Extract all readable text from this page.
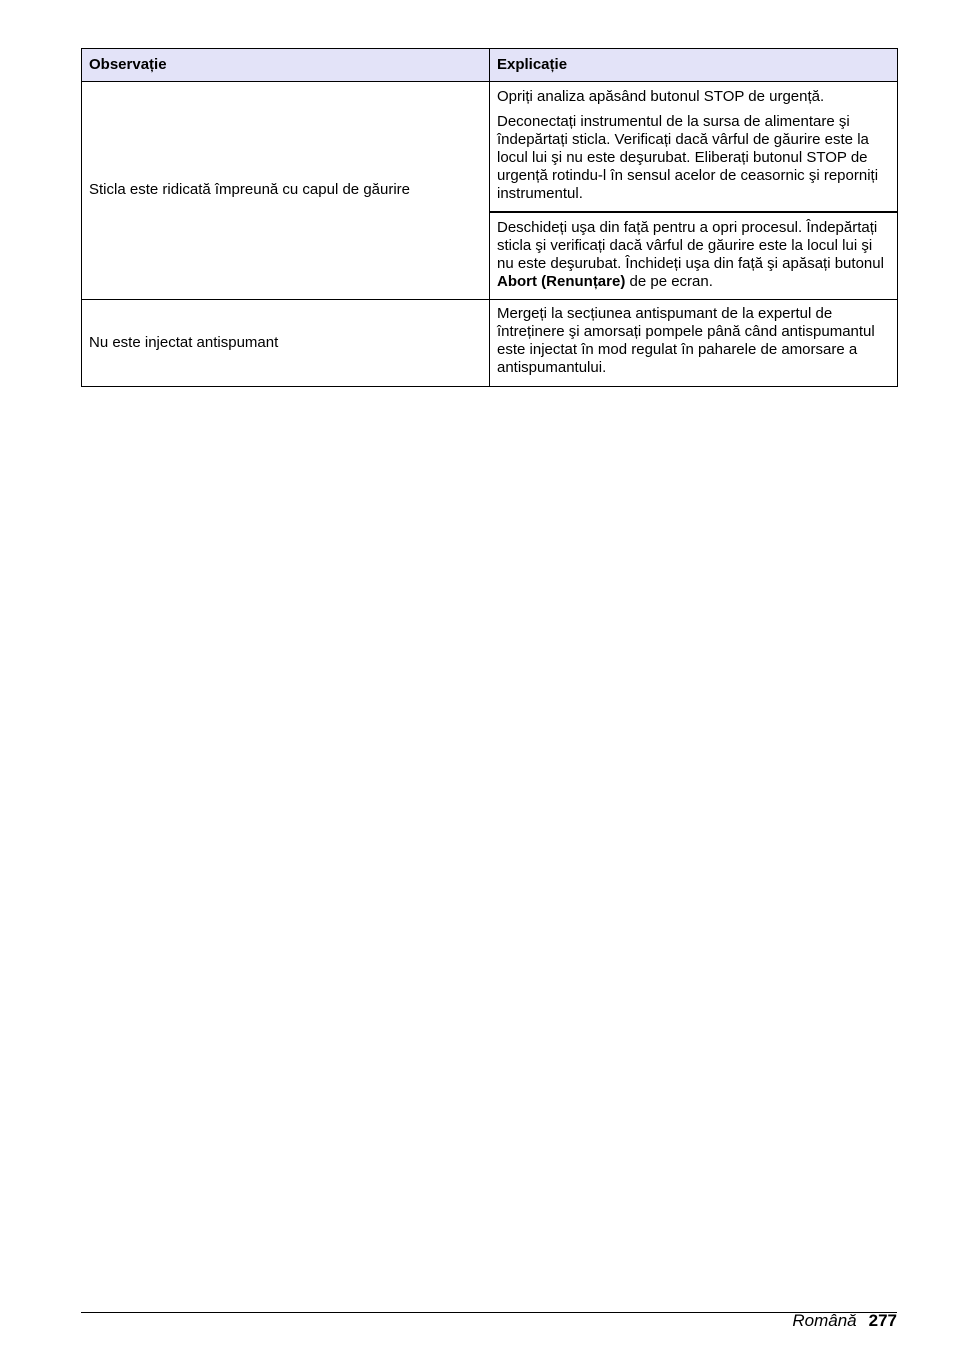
Observație	Explicație
Sticla este ridicată împreună cu capul de găurire	Opriți analiza apăsând butonul STOP de urgență.

Deconectați instrumentul de la sursa de alimentare şi îndepărtați sticla. Verificați dacă vârful de găurire este la locul lui şi nu este deşurubat. Eliberați butonul STOP de urgență rotindu-l în sensul acelor de ceasornic şi reporniți instrumentul.

	Deschideți uşa din față pentru a opri procesul. Îndepărtați sticla şi verificați dacă vârful de găurire este la locul lui şi nu este deşurubat. Închideți uşa din față şi apăsați butonul Abort (Renunțare) de pe ecran.
Nu este injectat antispumant	Mergeți la secțiunea antispumant de la expertul de întreținere şi amorsați pompele până când antispumantul este injectat în mod regulat în paharele de amorsare a antispumantului.
Română 277
